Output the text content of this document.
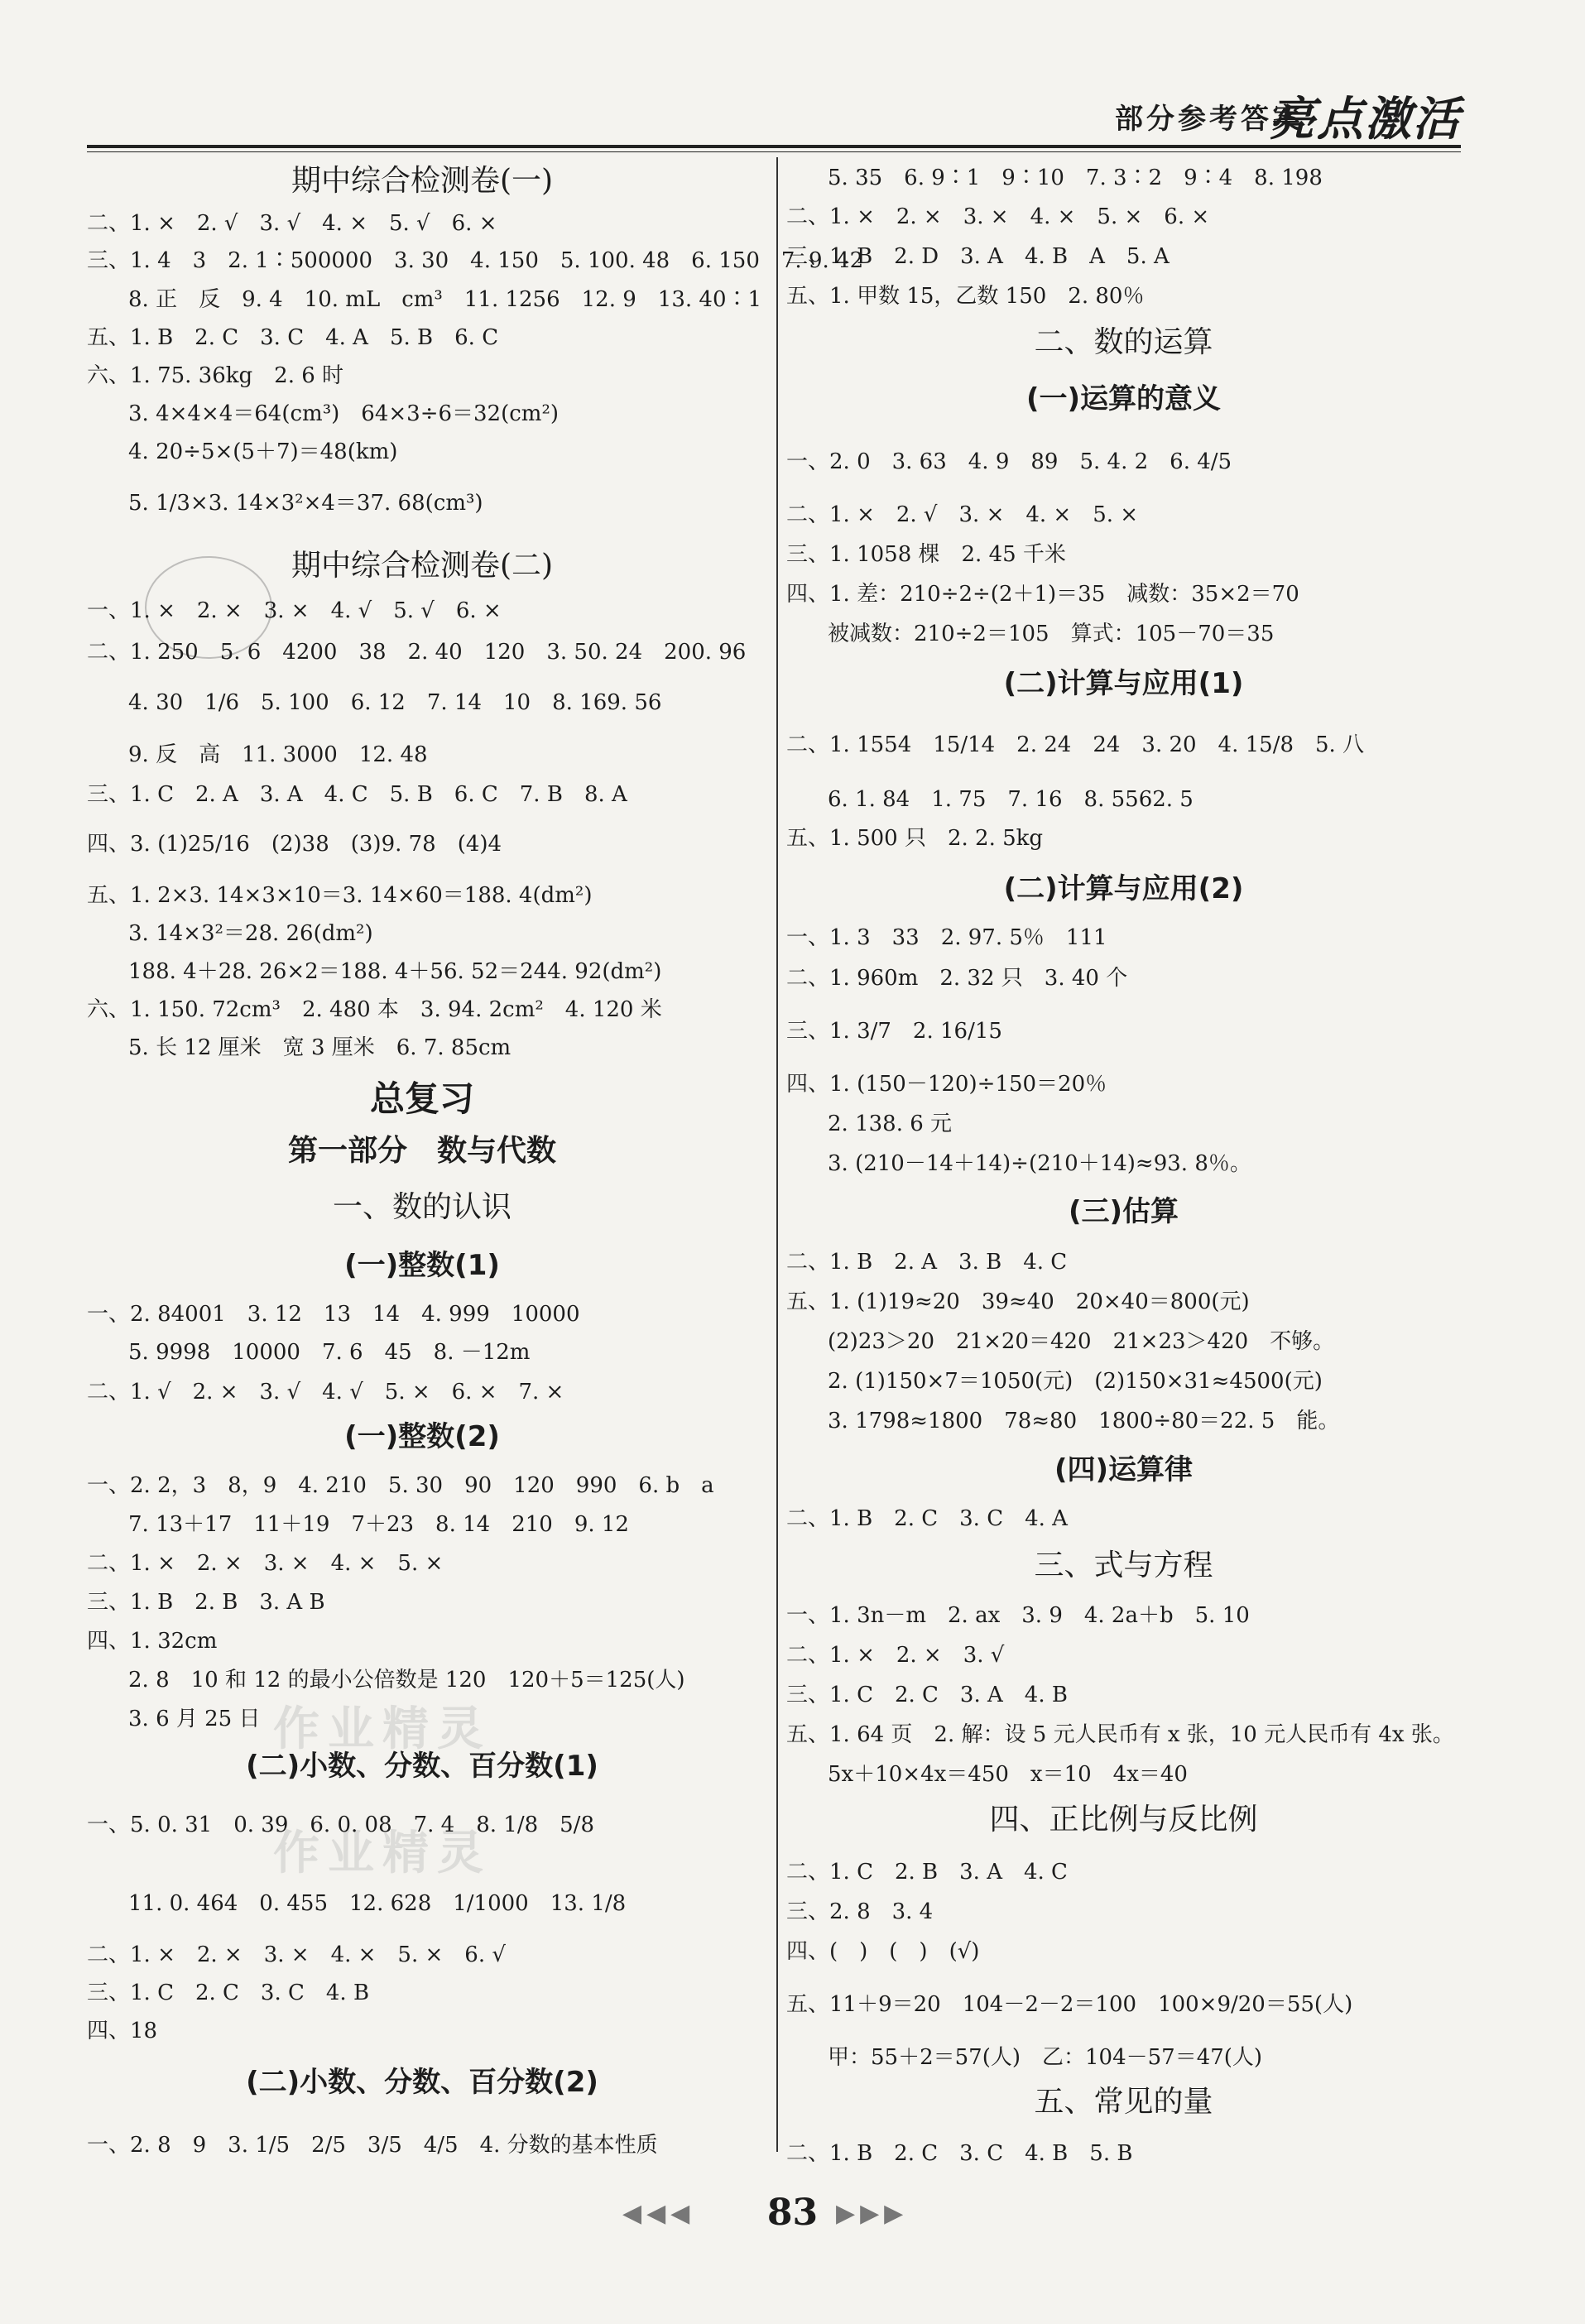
部分参考答案
亮点激活
作业精灵
作业精灵
期中综合检测卷(一)
二、1. ×　2. √　3. √　4. ×　5. √　6. ×
三、1. 4　3　2. 1∶500000　3. 30　4. 150　5. 100. 48　6. 150　7. 9. 42
8. 正　反　9. 4　10. mL　cm³　11. 1256　12. 9　13. 40∶1
五、1. B　2. C　3. C　4. A　5. B　6. C
六、1. 75. 36kg　2. 6 时
3. 4×4×4＝64(cm³)　64×3÷6＝32(cm²)
4. 20÷5×(5＋7)＝48(km)
5. 1/3×3. 14×3²×4＝37. 68(cm³)
期中综合检测卷(二)
一、1. ×　2. ×　3. ×　4. √　5. √　6. ×
二、1. 250　5. 6　4200　38　2. 40　120　3. 50. 24　200. 96
4. 30　1/6　5. 100　6. 12　7. 14　10　8. 169. 56
9. 反　高　11. 3000　12. 48
三、1. C　2. A　3. A　4. C　5. B　6. C　7. B　8. A
四、3. (1)25/16　(2)38　(3)9. 78　(4)4
五、1. 2×3. 14×3×10＝3. 14×60＝188. 4(dm²)
3. 14×3²＝28. 26(dm²)
188. 4＋28. 26×2＝188. 4＋56. 52＝244. 92(dm²)
六、1. 150. 72cm³　2. 480 本　3. 94. 2cm²　4. 120 米
5. 长 12 厘米　宽 3 厘米　6. 7. 85cm
总复习
第一部分　数与代数
一、数的认识
(一)整数(1)
一、2. 84001　3. 12　13　14　4. 999　10000
5. 9998　10000　7. 6　45　8. －12m
二、1. √　2. ×　3. √　4. √　5. ×　6. ×　7. ×
(一)整数(2)
一、2. 2，3　8，9　4. 210　5. 30　90　120　990　6. b　a
7. 13＋17　11＋19　7＋23　8. 14　210　9. 12
二、1. ×　2. ×　3. ×　4. ×　5. ×
三、1. B　2. B　3. A B
四、1. 32cm
2. 8　10 和 12 的最小公倍数是 120　120＋5＝125(人)
3. 6 月 25 日
(二)小数、分数、百分数(1)
一、5. 0. 31　0. 39　6. 0. 08　7. 4　8. 1/8　5/8
11. 0. 464　0. 455　12. 628　1/1000　13. 1/8
二、1. ×　2. ×　3. ×　4. ×　5. ×　6. √
三、1. C　2. C　3. C　4. B
四、18
(二)小数、分数、百分数(2)
一、2. 8　9　3. 1/5　2/5　3/5　4/5　4. 分数的基本性质
5. 35　6. 9∶1　9∶10　7. 3∶2　9∶4　8. 198
二、1. ×　2. ×　3. ×　4. ×　5. ×　6. ×
三、1. B　2. D　3. A　4. B　A　5. A
五、1. 甲数 15，乙数 150　2. 80％
二、数的运算
(一)运算的意义
一、2. 0　3. 63　4. 9　89　5. 4. 2　6. 4/5
二、1. ×　2. √　3. ×　4. ×　5. ×
三、1. 1058 棵　2. 45 千米
四、1. 差：210÷2÷(2＋1)＝35　减数：35×2＝70
被减数：210÷2＝105　算式：105－70＝35
(二)计算与应用(1)
二、1. 1554　15/14　2. 24　24　3. 20　4. 15/8　5. 八
6. 1. 84　1. 75　7. 16　8. 5562. 5
五、1. 500 只　2. 2. 5kg
(二)计算与应用(2)
一、1. 3　33　2. 97. 5％　111
二、1. 960m　2. 32 只　3. 40 个
三、1. 3/7　2. 16/15
四、1. (150－120)÷150＝20％
2. 138. 6 元
3. (210－14＋14)÷(210＋14)≈93. 8％。
(三)估算
二、1. B　2. A　3. B　4. C
五、1. (1)19≈20　39≈40　20×40＝800(元)
(2)23＞20　21×20＝420　21×23＞420　不够。
2. (1)150×7＝1050(元)　(2)150×31≈4500(元)
3. 1798≈1800　78≈80　1800÷80＝22. 5　能。
(四)运算律
二、1. B　2. C　3. C　4. A
三、式与方程
一、1. 3n－m　2. ax　3. 9　4. 2a＋b　5. 10
二、1. ×　2. ×　3. √
三、1. C　2. C　3. A　4. B
五、1. 64 页　2. 解：设 5 元人民币有 x 张，10 元人民币有 4x 张。
5x＋10×4x＝450　x＝10　4x＝40
四、正比例与反比例
二、1. C　2. B　3. A　4. C
三、2. 8　3. 4
四、(　)　(　)　(√)
五、11＋9＝20　104－2－2＝100　100×9/20＝55(人)
甲：55＋2＝57(人)　乙：104－57＝47(人)
五、常见的量
二、1. B　2. C　3. C　4. B　5. B
◀◀◀	83 ▶▶▶
